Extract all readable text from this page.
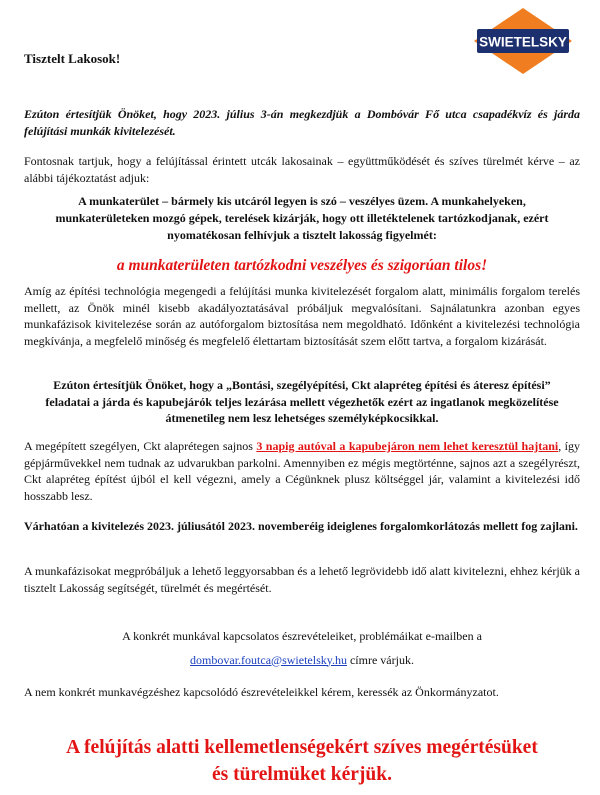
SWIETELSKY
Tisztelt Lakosok!
Ezúton értesítjük Önöket, hogy 2023. július 3-án megkezdjük a Dombóvár Fő utca csapadékvíz és járda felújítási munkák kivitelezését.
Fontosnak tartjuk, hogy a felújítással érintett utcák lakosainak – együttműködését és szíves türelmét kérve – az alábbi tájékoztatást adjuk:
A munkaterület – bármely kis utcáról legyen is szó – veszélyes üzem. A munkahelyeken, munkaterületeken mozgó gépek, terelések kizárják, hogy ott illetéktelenek tartózkodjanak, ezért nyomatékosan felhívjuk a tisztelt lakosság figyelmét:
a munkaterületen tartózkodni veszélyes és szigorúan tilos!
Amíg az építési technológia megengedi a felújítási munka kivitelezését forgalom alatt, minimális forgalom terelés mellett, az Önök minél kisebb akadályoztatásával próbáljuk megvalósítani. Sajnálatunkra azonban egyes munkafázisok kivitelezése során az autóforgalom biztosítása nem megoldható. Időnként a kivitelezési technológia megkívánja, a megfelelő minőség és megfelelő élettartam biztosítását szem előtt tartva, a forgalom kizárását.
Ezúton értesítjük Önöket, hogy a „Bontási, szegélyépítési, Ckt alapréteg építési és áteresz építési” feladatai a járda és kapubejárók teljes lezárása mellett végezhetők ezért az ingatlanok megközelítése átmenetileg nem lesz lehetséges személyképkocsikkal.
A megépített szegélyen, Ckt alaprétegen sajnos 3 napig autóval a kapubejáron nem lehet keresztül hajtani, így gépjárművekkel nem tudnak az udvarukban parkolni. Amennyiben ez mégis megtörténne, sajnos azt a szegélyrészt, Ckt alapréteg építést újból el kell végezni, amely a Cégünknek plusz költséggel jár, valamint a kivitelezési idő hosszabb lesz.
Várhatóan a kivitelezés 2023. júliusától 2023. novemberéig ideiglenes forgalomkorlátozás mellett fog zajlani.
A munkafázisokat megpróbáljuk a lehető leggyorsabban és a lehető legrövidebb idő alatt kivitelezni, ehhez kérjük a tisztelt Lakosság segítségét, türelmét és megértését.
A konkrét munkával kapcsolatos észrevételeiket, problémáikat e-mailben a
dombovar.foutca@swietelsky.hu címre várjuk.
A nem konkrét munkavégzéshez kapcsolódó észrevételeikkel kérem, keressék az Önkormányzatot.
A felújítás alatti kellemetlenségekért szíves megértésüket
és türelmüket kérjük.
